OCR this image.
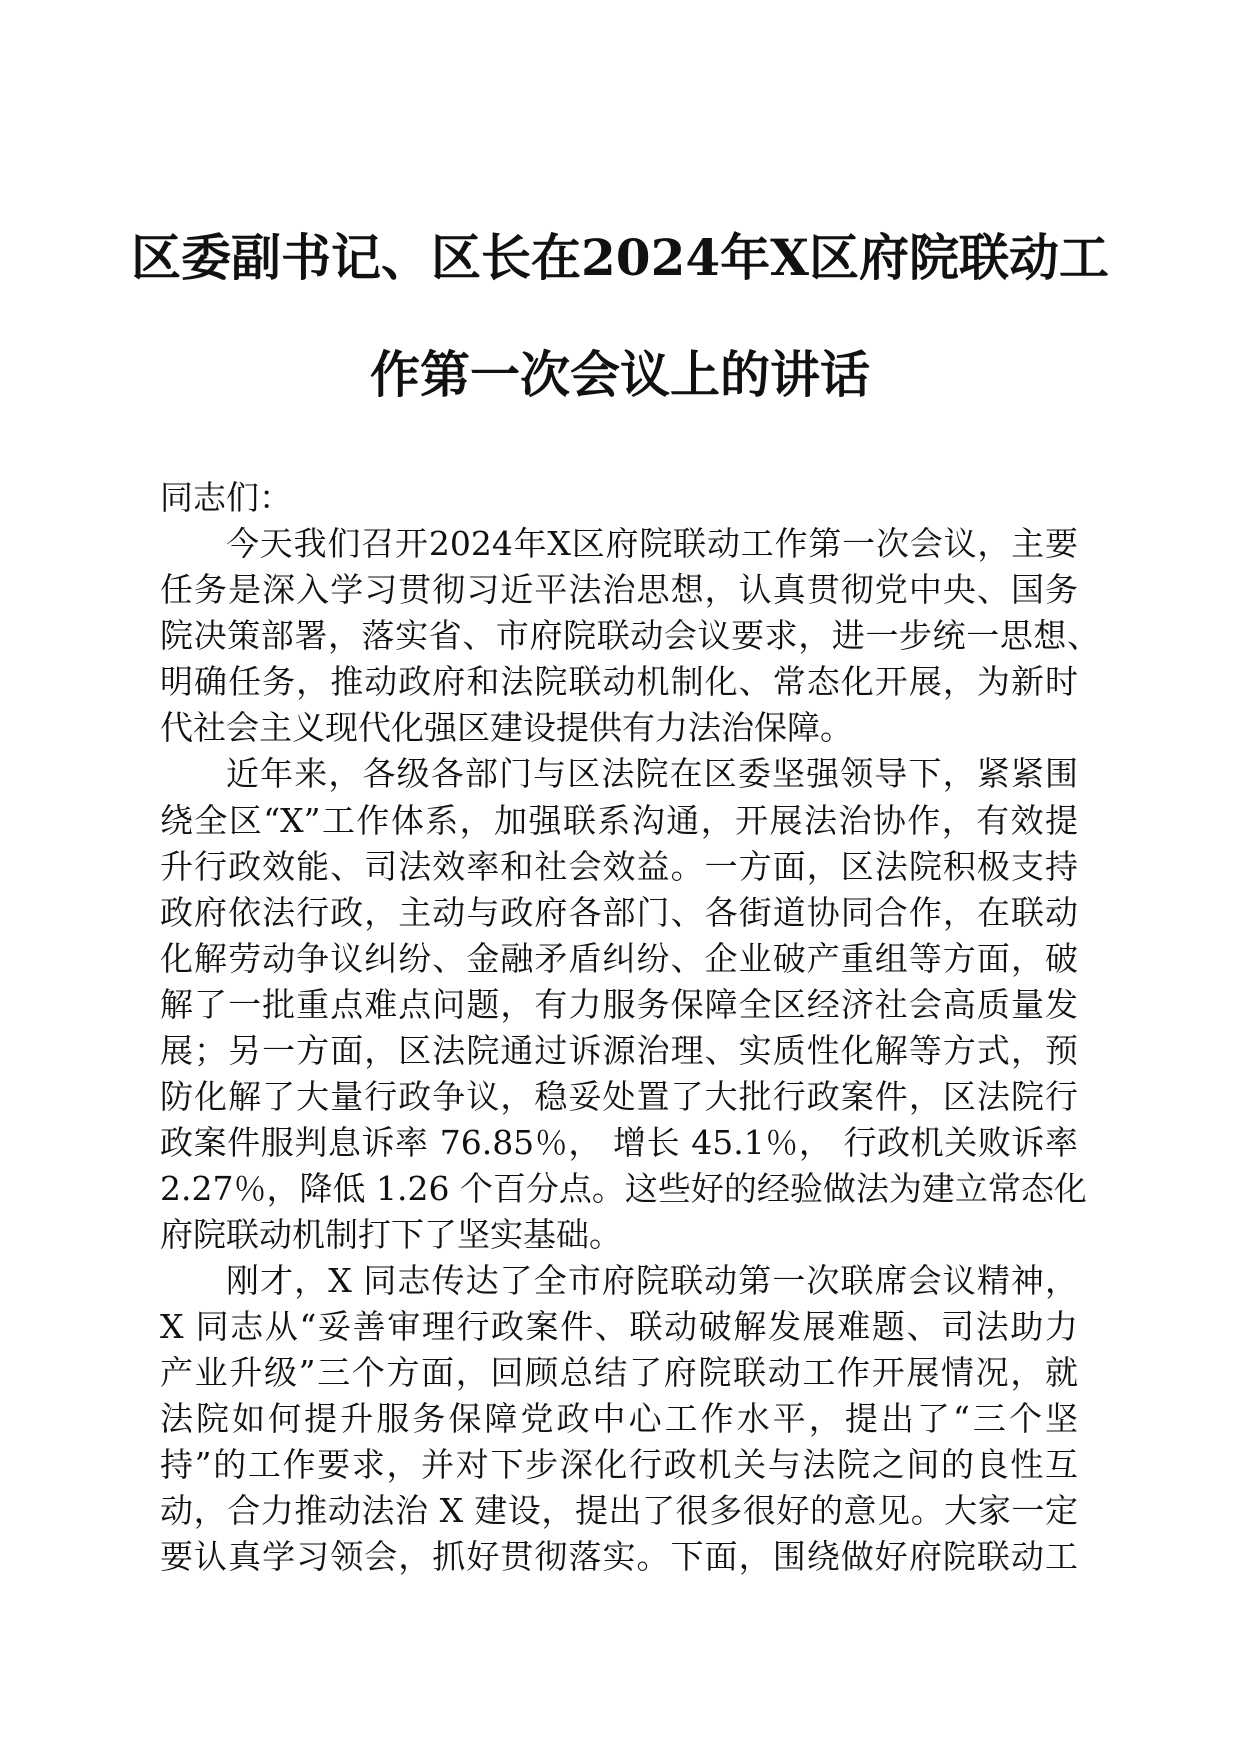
区委副书记、区长在2024年X区府院联动工
作第一次会议上的讲话
同志们：
今天我们召开2024年X区府院联动工作第一次会议，主要
任务是深入学习贯彻习近平法治思想，认真贯彻党中央、国务
院决策部署，落实省、市府院联动会议要求，进一步统一思想、
明确任务，推动政府和法院联动机制化、常态化开展，为新时
代社会主义现代化强区建设提供有力法治保障。
近年来，各级各部门与区法院在区委坚强领导下，紧紧围
绕全区“X”工作体系，加强联系沟通，开展法治协作，有效提
升行政效能、司法效率和社会效益。一方面，区法院积极支持
政府依法行政，主动与政府各部门、各街道协同合作，在联动
化解劳动争议纠纷、金融矛盾纠纷、企业破产重组等方面，破
解了一批重点难点问题，有力服务保障全区经济社会高质量发
展；另一方面，区法院通过诉源治理、实质性化解等方式，预
防化解了大量行政争议，稳妥处置了大批行政案件，区法院行
政案件服判息诉率 76.85％， 增长 45.1％， 行政机关败诉率
2.27％，降低 1.26 个百分点。这些好的经验做法为建立常态化
府院联动机制打下了坚实基础。
刚才，X 同志传达了全市府院联动第一次联席会议精神，
X 同志从“妥善审理行政案件、联动破解发展难题、司法助力
产业升级”三个方面，回顾总结了府院联动工作开展情况，就
法院如何提升服务保障党政中心工作水平，提出了“三个坚
持”的工作要求，并对下步深化行政机关与法院之间的良性互
动，合力推动法治 X 建设，提出了很多很好的意见。大家一定
要认真学习领会，抓好贯彻落实。下面，围绕做好府院联动工
